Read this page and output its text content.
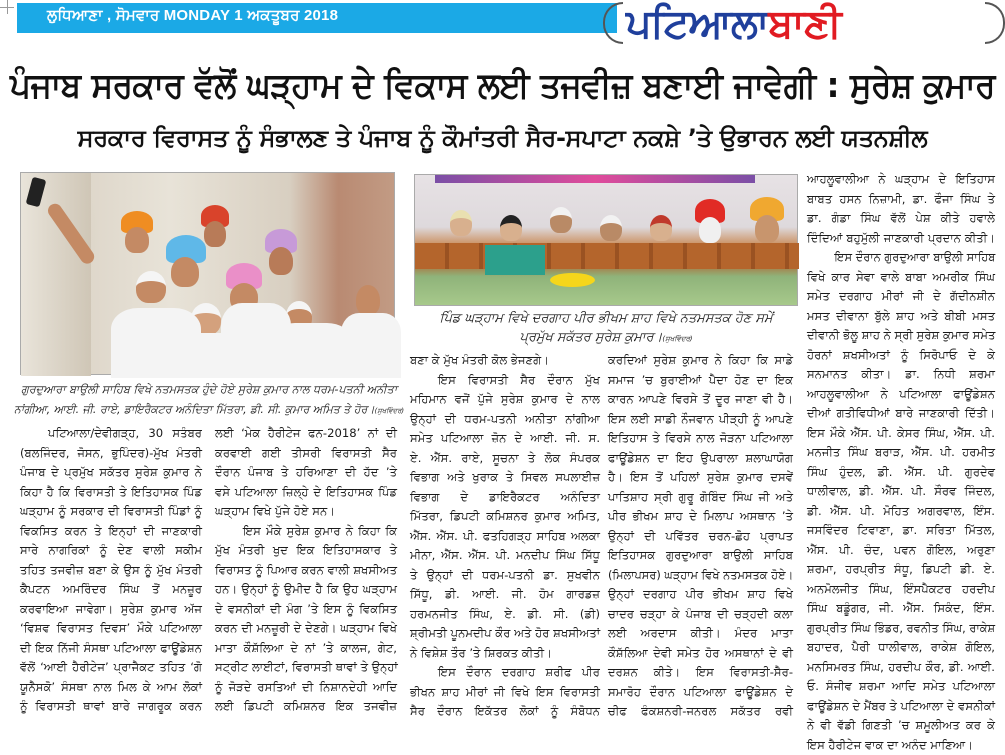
ਲੁਧਿਆਣਾ , ਸੋਮਵਾਰ MONDAY 1 ਅਕਤੂਬਰ 2018	ਪਟਿਆਲਾਬਾਣੀ
ਪੰਜਾਬ ਸਰਕਾਰ ਵੱਲੋਂ ਘੜ੍ਹਾਮ ਦੇ ਵਿਕਾਸ ਲਈ ਤਜਵੀਜ਼ ਬਣਾਈ ਜਾਵੇਗੀ : ਸੁਰੇਸ਼ ਕੁਮਾਰ
ਸਰਕਾਰ ਵਿਰਾਸਤ ਨੂੰ ਸੰਭਾਲਣ ਤੇ ਪੰਜਾਬ ਨੂੰ ਕੌਮਾਂਤਰੀ ਸੈਰ-ਸਪਾਟਾ ਨਕਸ਼ੇ ’ਤੇ ਉਭਾਰਨ ਲਈ ਯਤਨਸ਼ੀਲ
ਗੁਰਦੁਆਰਾ ਬਾਉਲੀ ਸਾਹਿਬ ਵਿਖੇ ਨਤਮਸਤਕ ਹੁੰਦੇ ਹੋਏ ਸੁਰੇਸ਼ ਕੁਮਾਰ ਨਾਲ ਧਰਮ-ਪਤਨੀ ਅਨੀਤਾ
ਨਾਂਗੀਆ, ਆਈ. ਜੀ. ਰਾਏ, ਡਾਇਰੈਕਟਰ ਅਨੰਦਿਤਾ ਮਿੱਤਰਾ, ਡੀ. ਸੀ. ਕੁਮਾਰ ਅਮਿਤ ਤੇ ਹੋਰ।(ਸੁਖਵਿੰਦਰ)
ਪਿੰਡ ਘੜ੍ਹਾਮ ਵਿਖੇ ਦਰਗਾਹ ਪੀਰ ਭੀਖਮ ਸ਼ਾਹ ਵਿਖੇ ਨਤਮਸਤਕ ਹੋਣ ਸਮੇਂ
ਪ੍ਰਮੁੱਖ ਸਕੱਤਰ ਸੁਰੇਸ਼ ਕੁਮਾਰ।(ਸੁਖਵਿੰਦਰ)

ਪਟਿਆਲਾ/ਦੇਵੀਗੜ੍ਹ, 30 ਸਤੰਬਰ

(ਬਲਜਿੰਦਰ, ਜੋਸਨ, ਭੁਪਿੰਦਰ)-ਮੁੱਖ ਮੰਤਰੀ

ਪੰਜਾਬ ਦੇ ਪ੍ਰਮੁੱਖ ਸਕੱਤਰ ਸੁਰੇਸ਼ ਕੁਮਾਰ ਨੇ

ਕਿਹਾ ਹੈ ਕਿ ਵਿਰਾਸਤੀ ਤੇ ਇਤਿਹਾਸਕ ਪਿੰਡ

ਘੜ੍ਹਾਮ ਨੂੰ ਸਰਕਾਰ ਦੀ ਵਿਰਾਸਤੀ ਪਿੰਡਾਂ ਨੂੰ

ਵਿਕਸਿਤ ਕਰਨ ਤੇ ਇਨ੍ਹਾਂ ਦੀ ਜਾਣਕਾਰੀ

ਸਾਰੇ ਨਾਗਰਿਕਾਂ ਨੂੰ ਦੇਣ ਵਾਲੀ ਸਕੀਮ

ਤਹਿਤ ਤਜਵੀਜ਼ ਬਣਾ ਕੇ ਉਸ ਨੂੰ ਮੁੱਖ ਮੰਤਰੀ

ਕੈਪਟਨ ਅਮਰਿੰਦਰ ਸਿੰਘ ਤੋਂ ਮਨਜ਼ੂਰ

ਕਰਵਾਇਆ ਜਾਵੇਗਾ। ਸੁਰੇਸ਼ ਕੁਮਾਰ ਅੱਜ

‘ਵਿਸ਼ਵ ਵਿਰਾਸਤ ਦਿਵਸ’ ਮੌਕੇ ਪਟਿਆਲਾ

ਦੀ ਇਕ ਨਿੱਜੀ ਸੰਸਥਾ ਪਟਿਆਲਾ ਫਾਊਂਡੇਸ਼ਨ

ਵੱਲੋਂ ‘ਆਈ ਹੈਰੀਟੇਜ’ ਪ੍ਰਾਜੈਕਟ ਤਹਿਤ ‘ਗੋ

ਯੂਨੈਸਕੋ’ ਸੰਸਥਾ ਨਾਲ ਮਿਲ ਕੇ ਆਮ ਲੋਕਾਂ

ਨੂੰ ਵਿਰਾਸਤੀ ਥਾਵਾਂ ਬਾਰੇ ਜਾਗਰੂਕ ਕਰਨ

ਲਈ ‘ਮੇਕ ਹੈਰੀਟੇਜ ਫਨ-2018’ ਨਾਂ ਦੀ

ਕਰਵਾਈ ਗਈ ਤੀਸਰੀ ਵਿਰਾਸਤੀ ਸੈਰ

ਦੌਰਾਨ ਪੰਜਾਬ ਤੇ ਹਰਿਆਣਾ ਦੀ ਹੱਦ ’ਤੇ

ਵਸੇ ਪਟਿਆਲਾ ਜ਼ਿਲ੍ਹੇ ਦੇ ਇਤਿਹਾਸਕ ਪਿੰਡ

ਘੜ੍ਹਾਮ ਵਿਖੇ ਪੁੱਜੇ ਹੋਏ ਸਨ।

ਇਸ ਮੌਕੇ ਸੁਰੇਸ਼ ਕੁਮਾਰ ਨੇ ਕਿਹਾ ਕਿ

ਮੁੱਖ ਮੰਤਰੀ ਖੁਦ ਇਕ ਇਤਿਹਾਸਕਾਰ ਤੇ

ਵਿਰਾਸਤ ਨੂੰ ਪਿਆਰ ਕਰਨ ਵਾਲੀ ਸ਼ਖਸੀਅਤ

ਹਨ। ਉਨ੍ਹਾਂ ਨੂੰ ਉਮੀਦ ਹੈ ਕਿ ਉਹ ਘੜ੍ਹਾਮ

ਦੇ ਵਸਨੀਕਾਂ ਦੀ ਮੰਗ ’ਤੇ ਇਸ ਨੂੰ ਵਿਕਸਿਤ

ਕਰਨ ਦੀ ਮਨਜ਼ੂਰੀ ਦੇ ਦੇਣਗੇ। ਘੜ੍ਹਾਮ ਵਿਖੇ

ਮਾਤਾ ਕੌਸ਼ੱਲਿਆ ਦੇ ਨਾਂ ’ਤੇ ਕਾਲਜ, ਗੇਟ,

ਸਟ੍ਰੀਟ ਲਾਈਟਾਂ, ਵਿਰਾਸਤੀ ਥਾਵਾਂ ਤੇ ਉਨ੍ਹਾਂ

ਨੂੰ ਜੋੜਦੇ ਰਸਤਿਆਂ ਦੀ ਨਿਸ਼ਾਨਦੇਹੀ ਆਦਿ

ਲਈ ਡਿਪਟੀ ਕਮਿਸ਼ਨਰ ਇਕ ਤਜਵੀਜ਼

ਬਣਾ ਕੇ ਮੁੱਖ ਮੰਤਰੀ ਕੋਲ ਭੇਜਣਗੇ।

ਇਸ ਵਿਰਾਸਤੀ ਸੈਰ ਦੌਰਾਨ ਮੁੱਖ

ਮਹਿਮਾਨ ਵਜੋਂ ਪੁੱਜੇ ਸੁਰੇਸ਼ ਕੁਮਾਰ ਦੇ ਨਾਲ

ਉਨ੍ਹਾਂ ਦੀ ਧਰਮ-ਪਤਨੀ ਅਨੀਤਾ ਨਾਂਗੀਆ

ਸਮੇਤ ਪਟਿਆਲਾ ਜ਼ੋਨ ਦੇ ਆਈ. ਜੀ. ਸ.

ਏ. ਐੱਸ. ਰਾਏ, ਸੂਚਨਾ ਤੇ ਲੋਕ ਸੰਪਰਕ

ਵਿਭਾਗ ਅਤੇ ਖੁਰਾਕ ਤੇ ਸਿਵਲ ਸਪਲਾਈਜ਼

ਵਿਭਾਗ ਦੇ ਡਾਇਰੈਕਟਰ ਅਨੰਦਿਤਾ

ਮਿੱਤਰਾ, ਡਿਪਟੀ ਕਮਿਸ਼ਨਰ ਕੁਮਾਰ ਅਮਿਤ,

ਐੱਸ. ਐੱਸ. ਪੀ. ਫਤਹਿਗੜ੍ਹ ਸਾਹਿਬ ਅਲਕਾ

ਮੀਨਾ, ਐੱਸ. ਐੱਸ. ਪੀ. ਮਨਦੀਪ ਸਿੰਘ ਸਿੱਧੂ

ਤੇ ਉਨ੍ਹਾਂ ਦੀ ਧਰਮ-ਪਤਨੀ ਡਾ. ਸੁਖਵੀਨ

ਸਿੱਧੂ, ਡੀ. ਆਈ. ਜੀ. ਹੋਮ ਗਾਰਡਜ਼

ਹਰਮਨਜੀਤ ਸਿੰਘ, ਏ. ਡੀ. ਸੀ. (ਡੀ)

ਸ਼੍ਰੀਮਤੀ ਪੂਨਮਦੀਪ ਕੌਰ ਅਤੇ ਹੋਰ ਸ਼ਖਸੀਅਤਾਂ

ਨੇ ਵਿਸ਼ੇਸ਼ ਤੌਰ ’ਤੇ ਸ਼ਿਰਕਤ ਕੀਤੀ।

ਇਸ ਦੌਰਾਨ ਦਰਗਾਹ ਸ਼ਰੀਫ ਪੀਰ

ਭੀਖਨ ਸ਼ਾਹ ਮੀਰਾਂ ਜੀ ਵਿਖੇ ਇਸ ਵਿਰਾਸਤੀ

ਸੈਰ ਦੌਰਾਨ ਇਕੱਤਰ ਲੋਕਾਂ ਨੂੰ ਸੰਬੋਧਨ

ਕਰਦਿਆਂ ਸੁਰੇਸ਼ ਕੁਮਾਰ ਨੇ ਕਿਹਾ ਕਿ ਸਾਡੇ

ਸਮਾਜ ’ਚ ਬੁਰਾਈਆਂ ਪੈਦਾ ਹੋਣ ਦਾ ਇਕ

ਕਾਰਨ ਆਪਣੇ ਵਿਰਸੇ ਤੋਂ ਦੂਰ ਜਾਣਾ ਵੀ ਹੈ।

ਇਸ ਲਈ ਸਾਡੀ ਨੌਜਵਾਨ ਪੀੜ੍ਹੀ ਨੂੰ ਆਪਣੇ

ਇਤਿਹਾਸ ਤੇ ਵਿਰਸੇ ਨਾਲ ਜੋੜਨਾ ਪਟਿਆਲਾ

ਫਾਊਂਡੇਸ਼ਨ ਦਾ ਇਹ ਉਪਰਾਲਾ ਸ਼ਲਾਘਾਯੋਗ

ਹੈ। ਇਸ ਤੋਂ ਪਹਿਲਾਂ ਸੁਰੇਸ਼ ਕੁਮਾਰ ਦਸਵੇਂ

ਪਾਤਿਸ਼ਾਹ ਸ੍ਰੀ ਗੁਰੂ ਗੋਬਿੰਦ ਸਿੰਘ ਜੀ ਅਤੇ

ਪੀਰ ਭੀਖਮ ਸ਼ਾਹ ਦੇ ਮਿਲਾਪ ਅਸਥਾਨ ’ਤੇ

ਉਨ੍ਹਾਂ ਦੀ ਪਵਿੱਤਰ ਚਰਨ-ਛੋਹ ਪ੍ਰਾਪਤ

ਇਤਿਹਾਸਕ ਗੁਰਦੁਆਰਾ ਬਾਉਲੀ ਸਾਹਿਬ

(ਮਿਲਾਪਸਰ) ਘੜ੍ਹਾਮ ਵਿਖੇ ਨਤਮਸਤਕ ਹੋਏ।

ਉਨ੍ਹਾਂ ਦਰਗਾਹ ਪੀਰ ਭੀਖਮ ਸ਼ਾਹ ਵਿਖੇ

ਚਾਦਰ ਚੜ੍ਹਾ ਕੇ ਪੰਜਾਬ ਦੀ ਚੜ੍ਹਦੀ ਕਲਾ

ਲਈ ਅਰਦਾਸ ਕੀਤੀ। ਮੰਦਰ ਮਾਤਾ

ਕੌਸ਼ੱਲਿਆ ਦੇਵੀ ਸਮੇਤ ਹੋਰ ਅਸਥਾਨਾਂ ਦੇ ਵੀ

ਦਰਸ਼ਨ ਕੀਤੇ। ਇਸ ਵਿਰਾਸਤੀ-ਸੈਰ-

ਸਮਾਰੋਹ ਦੌਰਾਨ ਪਟਿਆਲਾ ਫਾਊਂਡੇਸ਼ਨ ਦੇ

ਚੀਫ ਫੰਕਸ਼ਨਰੀ-ਜਨਰਲ ਸਕੱਤਰ ਰਵੀ

ਆਹਲੂਵਾਲੀਆ ਨੇ ਘੜ੍ਹਾਮ ਦੇ ਇਤਿਹਾਸ

ਬਾਬਤ ਹਸਨ ਨਿਜ਼ਾਮੀ, ਡਾ. ਫੌਜਾ ਸਿੰਘ ਤੇ

ਡਾ. ਗੰਡਾ ਸਿੰਘ ਵੱਲੋਂ ਪੇਸ਼ ਕੀਤੇ ਹਵਾਲੇ

ਦਿੰਦਿਆਂ ਬਹੁਮੁੱਲੀ ਜਾਣਕਾਰੀ ਪ੍ਰਦਾਨ ਕੀਤੀ।

ਇਸ ਦੌਰਾਨ ਗੁਰਦੁਆਰਾ ਬਾਉਲੀ ਸਾਹਿਬ

ਵਿਖੇ ਕਾਰ ਸੇਵਾ ਵਾਲੇ ਬਾਬਾ ਅਮਰੀਕ ਸਿੰਘ

ਸਮੇਤ ਦਰਗਾਹ ਮੀਰਾਂ ਜੀ ਦੇ ਗੱਦੀਨਸ਼ੀਨ

ਮਸਤ ਦੀਵਾਨਾ ਬੁੱਲੇ ਸ਼ਾਹ ਅਤੇ ਬੀਬੀ ਮਸਤ

ਦੀਵਾਨੀ ਭੋਲੂ ਸ਼ਾਹ ਨੇ ਸ੍ਰੀ ਸੁਰੇਸ਼ ਕੁਮਾਰ ਸਮੇਤ

ਹੋਰਨਾਂ ਸ਼ਖਸੀਅਤਾਂ ਨੂੰ ਸਿਰੋਪਾਓ ਦੇ ਕੇ

ਸਨਮਾਨਤ ਕੀਤਾ। ਡਾ. ਨਿਧੀ ਸ਼ਰਮਾ

ਆਹਲੂਵਾਲੀਆ ਨੇ ਪਟਿਆਲਾ ਫਾਊਂਡੇਸ਼ਨ

ਦੀਆਂ ਗਤੀਵਿਧੀਆਂ ਬਾਰੇ ਜਾਣਕਾਰੀ ਦਿੱਤੀ।

ਇਸ ਮੌਕੇ ਐੱਸ. ਪੀ. ਕੇਸਰ ਸਿੰਘ, ਐੱਸ. ਪੀ.

ਮਨਜੀਤ ਸਿੰਘ ਬਰਾੜ, ਐੱਸ. ਪੀ. ਹਰਮੀਤ

ਸਿੰਘ ਹੁੰਦਲ, ਡੀ. ਐੱਸ. ਪੀ. ਗੁਰਦੇਵ

ਧਾਲੀਵਾਲ, ਡੀ. ਐੱਸ. ਪੀ. ਸੌਰਵ ਜਿੰਦਲ,

ਡੀ. ਐੱਸ. ਪੀ. ਮੋਹਿਤ ਅਗਰਵਾਲ, ਇੰਸ.

ਜਸਵਿੰਦਰ ਟਿਵਾਣਾ, ਡਾ. ਸਰਿਤਾ ਮਿੱਤਲ,

ਐੱਸ. ਪੀ. ਚੰਦ, ਪਵਨ ਗੋਇਲ, ਅਰੁਣਾ

ਸ਼ਰਮਾ, ਹਰਪ੍ਰੀਤ ਸੰਧੂ, ਡਿਪਟੀ ਡੀ. ਏ.

ਅਨਮੋਲਜੀਤ ਸਿੰਘ, ਇੰਸਪੈਕਟਰ ਹਰਦੀਪ

ਸਿੰਘ ਬਡੂੰਗਰ, ਜੀ. ਐੱਸ. ਸਿਕੰਦ, ਇੰਸ.

ਗੁਰਪ੍ਰੀਤ ਸਿੰਘ ਭਿੰਡਰ, ਰਵਨੀਤ ਸਿੰਘ, ਰਾਕੇਸ਼

ਬਹਾਦਰ, ਪੈਰੀ ਧਾਲੀਵਾਲ, ਰਾਕੇਸ਼ ਗੋਇਲ,

ਮਨਸਿਮਰਤ ਸਿੰਘ, ਹਰਦੀਪ ਕੌਰ, ਡੀ. ਆਈ.

ਓ. ਸੰਜੀਵ ਸ਼ਰਮਾ ਆਦਿ ਸਮੇਤ ਪਟਿਆਲਾ

ਫਾਊਂਡੇਸ਼ਨ ਦੇ ਮੈਂਬਰ ਤੇ ਪਟਿਆਲਾ ਦੇ ਵਸਨੀਕਾਂ

ਨੇ ਵੀ ਵੱਡੀ ਗਿਣਤੀ ’ਚ ਸ਼ਮੂਲੀਅਤ ਕਰ ਕੇ

ਇਸ ਹੈਰੀਟੇਜ ਵਾਕ ਦਾ ਅਨੰਦ ਮਾਣਿਆ।
